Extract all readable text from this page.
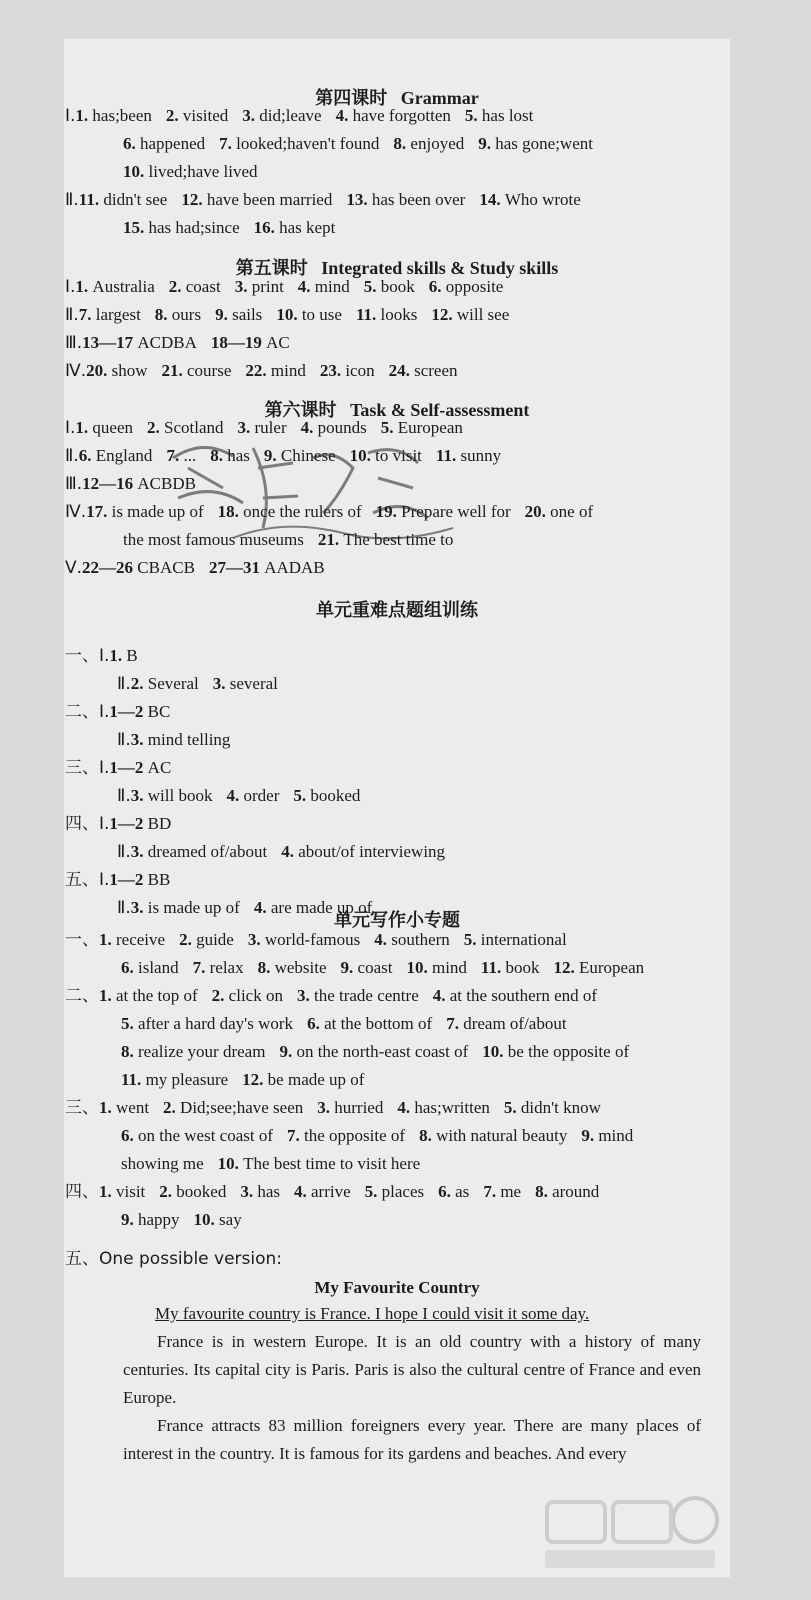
第四课时 Grammar
Ⅰ.1. has;been 2. visited 3. did;leave 4. have forgotten 5. has lost
6. happened 7. looked;haven't found 8. enjoyed 9. has gone;went
10. lived;have lived
Ⅱ.11. didn't see 12. have been married 13. has been over 14. Who wrote
15. has had;since 16. has kept
第五课时 Integrated skills & Study skills
Ⅰ.1. Australia 2. coast 3. print 4. mind 5. book 6. opposite
Ⅱ.7. largest 8. ours 9. sails 10. to use 11. looks 12. will see
Ⅲ.13—17 ACDBA 18—19 AC
Ⅳ.20. show 21. course 22. mind 23. icon 24. screen
第六课时 Task & Self-assessment
Ⅰ.1. queen 2. Scotland 3. ruler 4. pounds 5. European
Ⅱ.6. England 7. ... 8. has 9. Chinese 10. to visit 11. sunny
Ⅲ.12—16 ACBDB
Ⅳ.17. is made up of 18. once the rulers of 19. Prepare well for 20. one of
the most famous museums 21. The best time to
Ⅴ.22—26 CBACB 27—31 AADAB
单元重难点题组训练
一、Ⅰ.1. B
Ⅱ.2. Several 3. several
二、Ⅰ.1—2 BC
Ⅱ.3. mind telling
三、Ⅰ.1—2 AC
Ⅱ.3. will book 4. order 5. booked
四、Ⅰ.1—2 BD
Ⅱ.3. dreamed of/about 4. about/of interviewing
五、Ⅰ.1—2 BB
Ⅱ.3. is made up of 4. are made up of
单元写作小专题
一、1. receive 2. guide 3. world-famous 4. southern 5. international
6. island 7. relax 8. website 9. coast 10. mind 11. book 12. European
二、1. at the top of 2. click on 3. the trade centre 4. at the southern end of
5. after a hard day's work 6. at the bottom of 7. dream of/about
8. realize your dream 9. on the north-east coast of 10. be the opposite of
11. my pleasure 12. be made up of
三、1. went 2. Did;see;have seen 3. hurried 4. has;written 5. didn't know
6. on the west coast of 7. the opposite of 8. with natural beauty 9. mind
showing me 10. The best time to visit here
四、1. visit 2. booked 3. has 4. arrive 5. places 6. as 7. me 8. around
9. happy 10. say
五、One possible version:
My Favourite Country
My favourite country is France. I hope I could visit it some day.
France is in western Europe. It is an old country with a history of many centuries. Its capital city is Paris. Paris is also the cultural centre of France and even Europe.
France attracts 83 million foreigners every year. There are many places of interest in the country. It is famous for its gardens and beaches. And every
